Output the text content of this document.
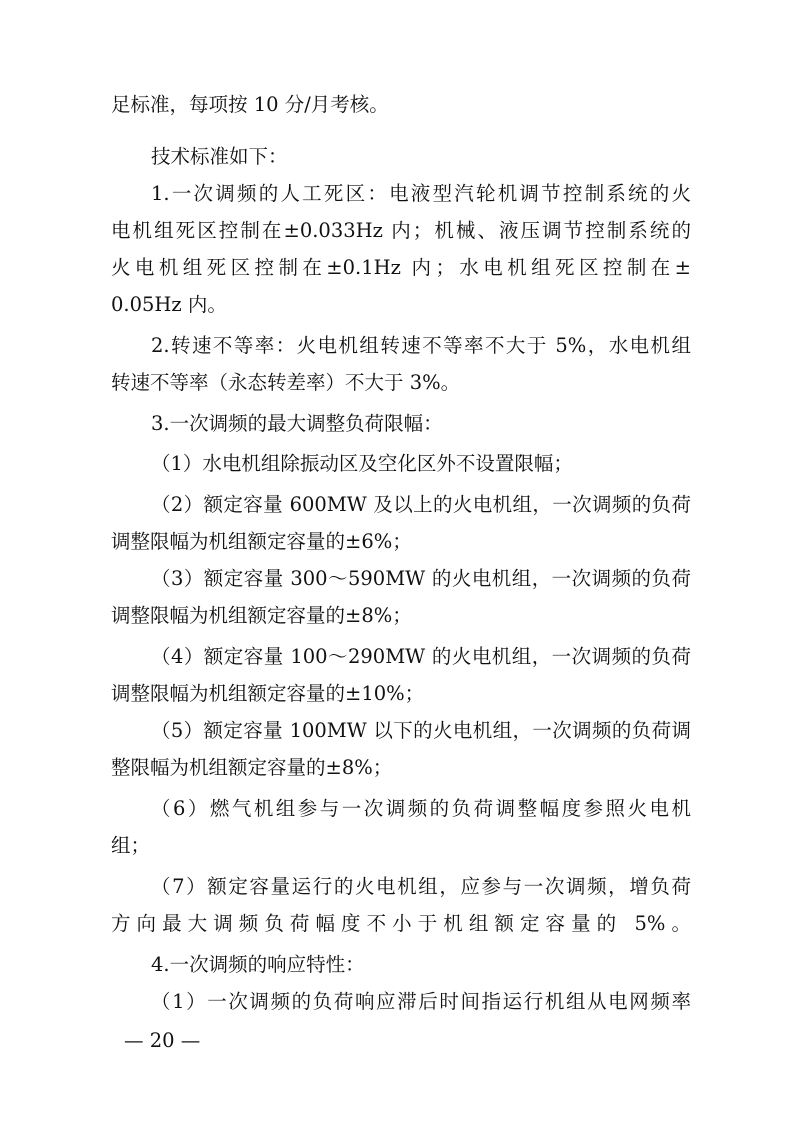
足标准，每项按 10 分/月考核。
技术标准如下：
1.一次调频的人工死区：电液型汽轮机调节控制系统的火
电机组死区控制在±0.033Hz 内；机械、液压调节控制系统的
火电机组死区控制在±0.1Hz 内；水电机组死区控制在±
0.05Hz 内。
2.转速不等率：火电机组转速不等率不大于 5%，水电机组
转速不等率（永态转差率）不大于 3%。
3.一次调频的最大调整负荷限幅：
（1）水电机组除振动区及空化区外不设置限幅；
（2）额定容量 600MW 及以上的火电机组，一次调频的负荷
调整限幅为机组额定容量的±6%；
（3）额定容量 300～590MW 的火电机组，一次调频的负荷
调整限幅为机组额定容量的±8%；
（4）额定容量 100～290MW 的火电机组，一次调频的负荷
调整限幅为机组额定容量的±10%；
（5）额定容量 100MW 以下的火电机组，一次调频的负荷调
整限幅为机组额定容量的±8%；
（6）燃气机组参与一次调频的负荷调整幅度参照火电机
组；
（7）额定容量运行的火电机组，应参与一次调频，增负荷
方向最大调频负荷幅度不小于机组额定容量的 5%。
4.一次调频的响应特性：
（1）一次调频的负荷响应滞后时间指运行机组从电网频率
— 20 —
